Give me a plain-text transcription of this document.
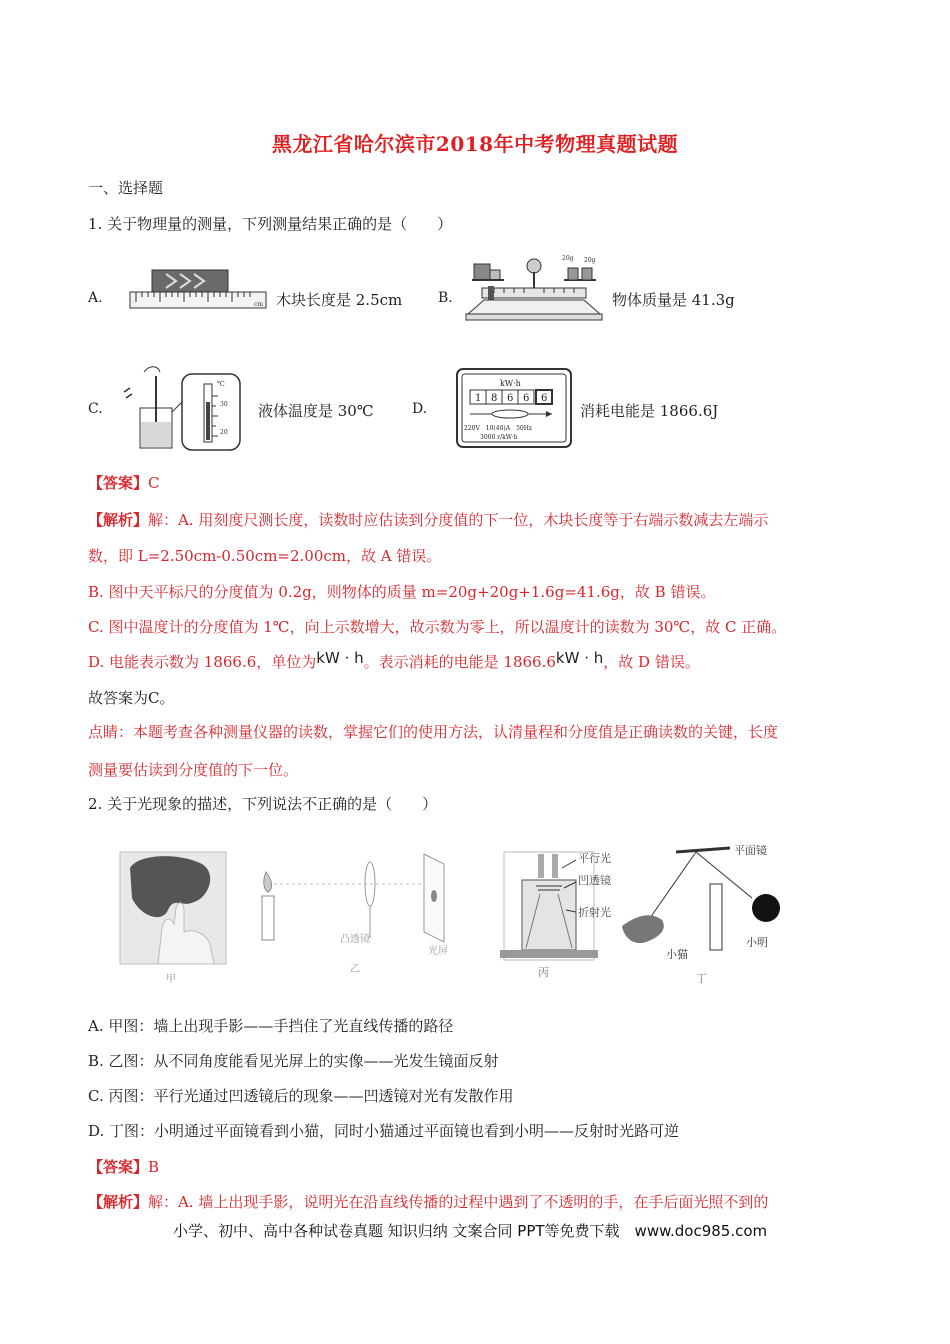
黑龙江省哈尔滨市2018年中考物理真题试题
一、选择题
1. 关于物理量的测量，下列测量结果正确的是（　　）
A.	cm 木块长度是 2.5cm	B.
20g 20g
物体质量是 41.3g
C.
℃
30
20
液体温度是 30℃	D.
kW·h
1 8 6 6 6
220V　10(40)A　50Hz
3000 r/kW·h
消耗电能是 1866.6J
【答案】C
【解析】解：A. 用刻度尺测长度，读数时应估读到分度值的下一位，木块长度等于右端示数减去左端示
数，即 L=2.50cm-0.50cm=2.00cm，故 A 错误。
B. 图中天平标尺的分度值为 0.2g，则物体的质量 m=20g+20g+1.6g=41.6g，故 B 错误。
C. 图中温度计的分度值为 1℃，向上示数增大，故示数为零上，所以温度计的读数为 30℃，故 C 正确。
D. 电能表示数为 1866.6，单位为kW · h。表示消耗的电能是 1866.6kW · h，故 D 错误。
故答案为C。
点睛：本题考查各种测量仪器的读数，掌握它们的使用方法，认清量程和分度值是正确读数的关键，长度
测量要估读到分度值的下一位。
2. 关于光现象的描述，下列说法不正确的是（　　）
甲
凸透镜
光屏
乙
平行光
凹透镜
折射光
丙
平面镜
小猫
小明
丁
A. 甲图：墙上出现手影——手挡住了光直线传播的路径
B. 乙图：从不同角度能看见光屏上的实像——光发生镜面反射
C. 丙图：平行光通过凹透镜后的现象——凹透镜对光有发散作用
D. 丁图：小明通过平面镜看到小猫，同时小猫通过平面镜也看到小明——反射时光路可逆
【答案】B
【解析】解：A. 墙上出现手影，说明光在沿直线传播的过程中遇到了不透明的手，在手后面光照不到的
小学、初中、高中各种试卷真题 知识归纳 文案合同 PPT等免费下载　www.doc985.com
